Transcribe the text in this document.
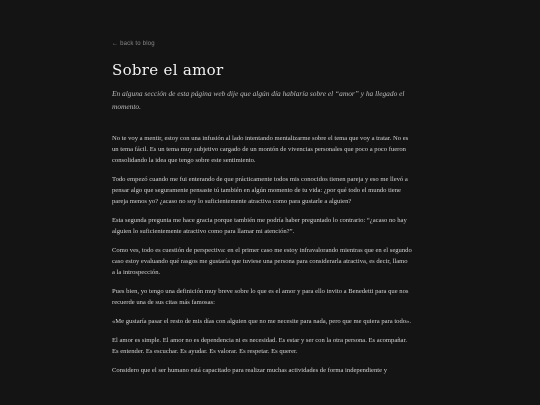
← back to blog
Sobre el amor

En alguna sección de esta página web dije que algún día hablaría sobre el “amor” y ha llegado el momento.

No te voy a mentir, estoy con una infusión al lado intentando mentalizarme sobre el tema que voy a tratar. No es un tema fácil. Es un tema muy subjetivo cargado de un montón de vivencias personales que poco a poco fueron consolidando la idea que tengo sobre este sentimiento.

Todo empezó cuando me fui enterando de que prácticamente todos mis conocidos tienen pareja y eso me llevó a pensar algo que seguramente pensaste tú también en algún momento de tu vida: ¿por qué todo el mundo tiene pareja menos yo? ¿acaso no soy lo suficientemente atractiva como para gustarle a alguien?

Esta segunda pregunta me hace gracia porque también me podría haber preguntado lo contrario: “¿acaso no hay alguien lo suficientemente atractivo como para llamar mi atención?”.

Como ves, todo es cuestión de perspectiva: en el primer caso me estoy infravalorando mientras que en el segundo caso estoy evaluando qué rasgos me gustaría que tuviese una persona para considerarla atractiva, es decir, llamo a la introspección.

Pues bien, yo tengo una definición muy breve sobre lo que es el amor y para ello invito a Benedetti para que nos recuerde una de sus citas más famosas:

«Me gustaría pasar el resto de mis días con alguien que no me necesite para nada, pero que me quiera para todo».

El amor es simple. El amor no es dependencia ni es necesidad. Es estar y ser con la otra persona. Es acompañar. Es entender. Es escuchar. Es ayudar. Es valorar. Es respetar. Es querer.

Considero que el ser humano está capacitado para realizar muchas actividades de forma independiente y
